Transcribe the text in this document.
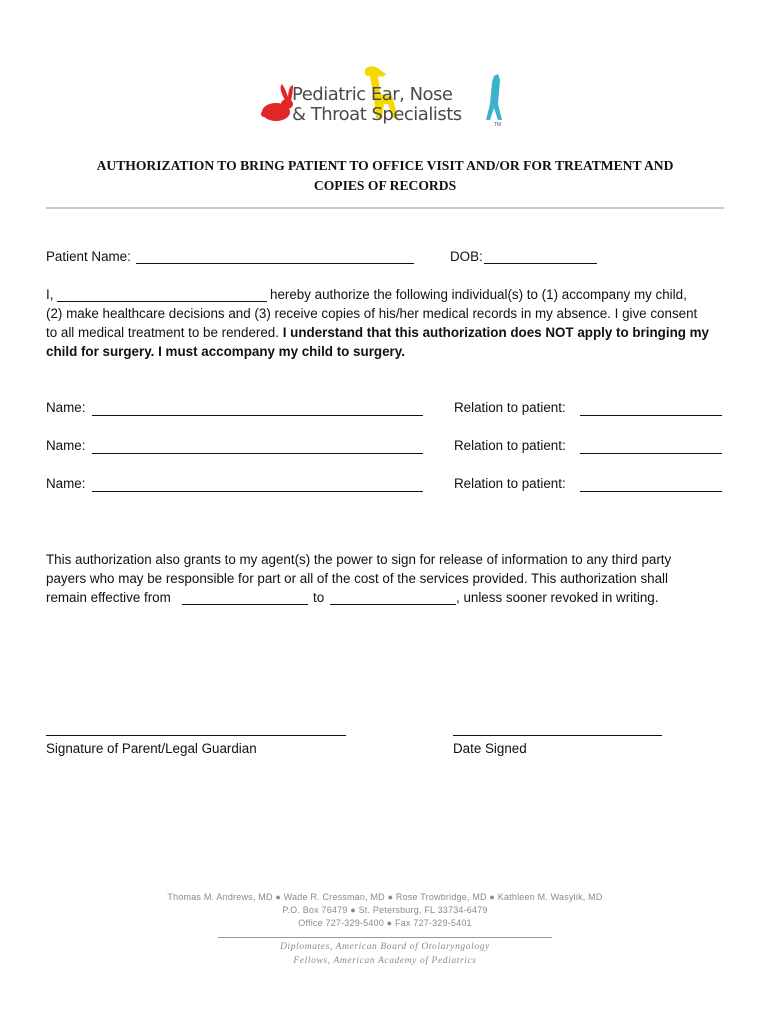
Pediatric Ear, Nose
& Throat Specialists	TM
AUTHORIZATION TO BRING PATIENT TO OFFICE VISIT AND/OR FOR TREATMENT AND
COPIES OF RECORDS
Patient Name:	DOB:
I,	hereby authorize the following individual(s) to (1) accompany my child,
(2) make healthcare decisions and (3) receive copies of his/her medical records in my absence. I give consent
to all medical treatment to be rendered. I understand that this authorization does NOT apply to bringing my
child for surgery. I must accompany my child to surgery.
Name:	Relation to patient:
Name:	Relation to patient:
Name:	Relation to patient:
This authorization also grants to my agent(s) the power to sign for release of information to any third party
payers who may be responsible for part or all of the cost of the services provided. This authorization shall
remain effective from	to	, unless sooner revoked in writing.
Signature of Parent/Legal Guardian	Date Signed
Thomas M. Andrews, MD ● Wade R. Cressman, MD ● Rose Trowbridge, MD ● Kathleen M. Wasylik, MD
P.O. Box 76479 ● St. Petersburg, FL 33734-6479
Office 727-329-5400 ● Fax 727-329-5401
Diplomates, American Board of Otolaryngology
Fellows, American Academy of Pediatrics
